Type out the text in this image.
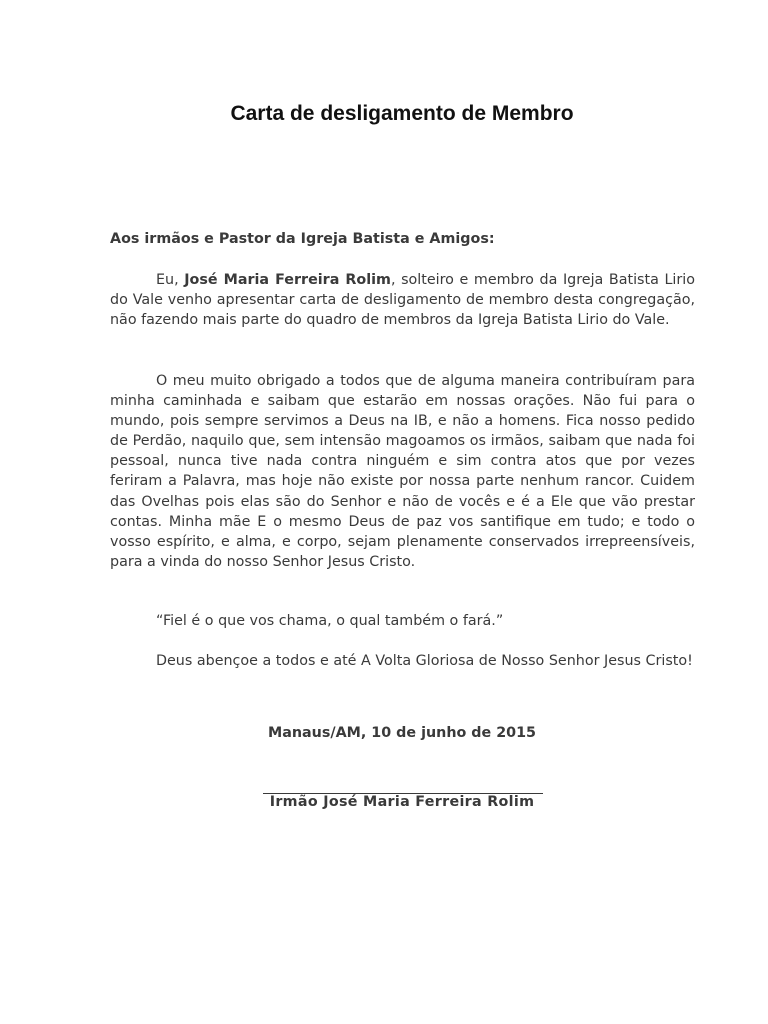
Carta de desligamento de Membro

Aos irmãos e Pastor da Igreja Batista e Amigos:

Eu, José Maria Ferreira Rolim, solteiro e membro da Igreja Batista Lirio do Vale venho apresentar carta de desligamento de membro desta congregação, não fazendo mais parte do quadro de membros da Igreja Batista Lirio do Vale.

O meu muito obrigado a todos que de alguma maneira contribuíram para minha caminhada e saibam que estarão em nossas orações. Não fui para o mundo, pois sempre servimos a Deus na IB, e não a homens. Fica nosso pedido de Perdão, naquilo que, sem intensão magoamos os irmãos, saibam que nada foi pessoal, nunca tive nada contra ninguém e sim contra atos que por vezes feriram a Palavra, mas hoje não existe por nossa parte nenhum rancor. Cuidem das Ovelhas pois elas são do Senhor e não de vocês e é a Ele que vão prestar contas. Minha mãe E o mesmo Deus de paz vos santifique em tudo; e todo o vosso espírito, e alma, e corpo, sejam plenamente conservados irrepreensíveis, para a vinda do nosso Senhor Jesus Cristo.

“Fiel é o que vos chama, o qual também o fará.”

Deus abençoe a todos e até A Volta Gloriosa de Nosso Senhor Jesus Cristo!

Manaus/AM, 10 de junho de 2015

Irmão José Maria Ferreira Rolim
